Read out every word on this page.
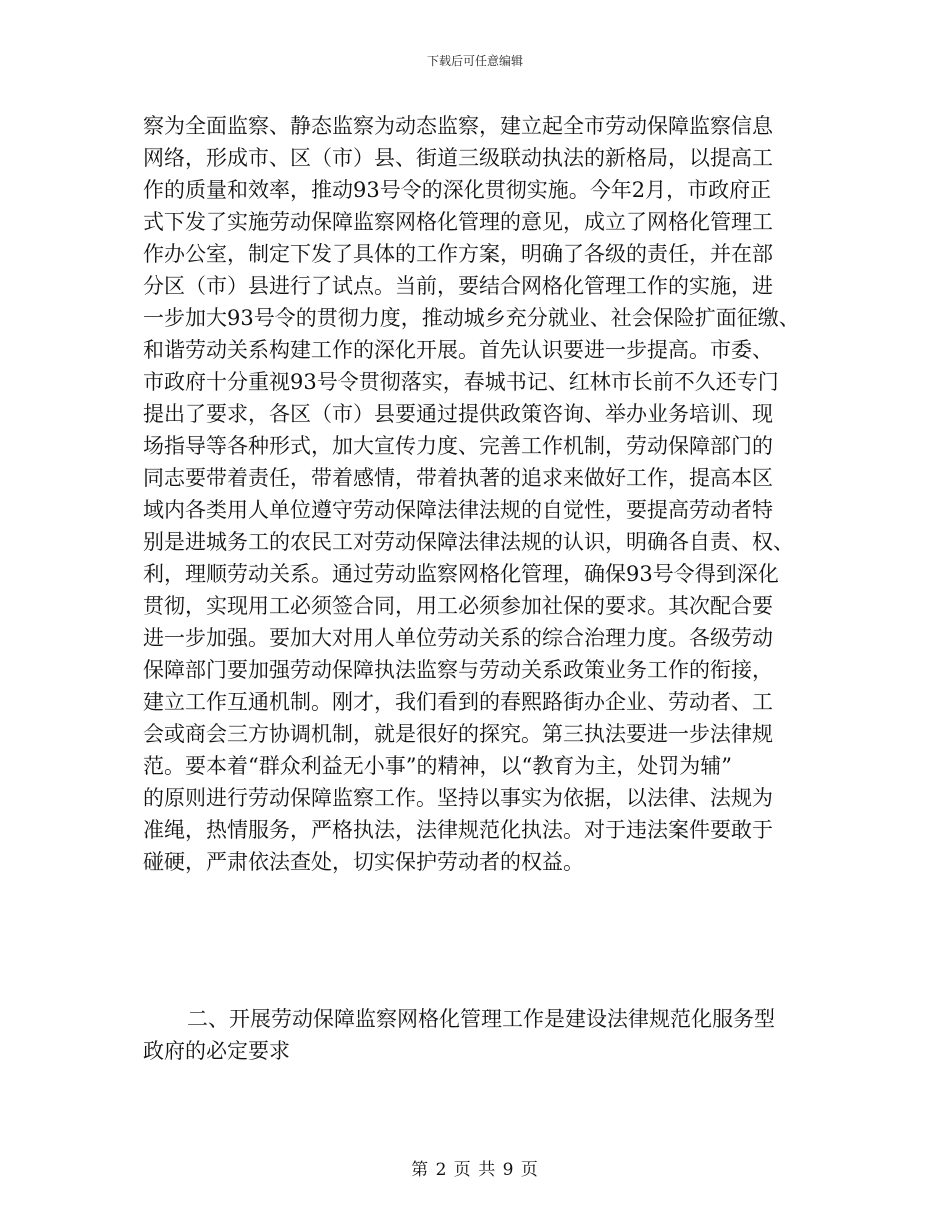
下载后可任意编辑
察为全面监察、静态监察为动态监察，建立起全市劳动保障监察信息
网络，形成市、区（市）县、街道三级联动执法的新格局，以提高工
作的质量和效率，推动93号令的深化贯彻实施。今年2月，市政府正
式下发了实施劳动保障监察网格化管理的意见，成立了网格化管理工
作办公室，制定下发了具体的工作方案，明确了各级的责任，并在部
分区（市）县进行了试点。当前，要结合网格化管理工作的实施，进
一步加大93号令的贯彻力度，推动城乡充分就业、社会保险扩面征缴、
和谐劳动关系构建工作的深化开展。首先认识要进一步提高。市委、
市政府十分重视93号令贯彻落实，春城书记、红林市长前不久还专门
提出了要求，各区（市）县要通过提供政策咨询、举办业务培训、现
场指导等各种形式，加大宣传力度、完善工作机制，劳动保障部门的
同志要带着责任，带着感情，带着执著的追求来做好工作，提高本区
域内各类用人单位遵守劳动保障法律法规的自觉性，要提高劳动者特
别是进城务工的农民工对劳动保障法律法规的认识，明确各自责、权、
利，理顺劳动关系。通过劳动监察网格化管理，确保93号令得到深化
贯彻，实现用工必须签合同，用工必须参加社保的要求。其次配合要
进一步加强。要加大对用人单位劳动关系的综合治理力度。各级劳动
保障部门要加强劳动保障执法监察与劳动关系政策业务工作的衔接，
建立工作互通机制。刚才，我们看到的春熙路街办企业、劳动者、工
会或商会三方协调机制，就是很好的探究。第三执法要进一步法律规
范。要本着“群众利益无小事”的精神，以“教育为主，处罚为辅”
的原则进行劳动保障监察工作。坚持以事实为依据，以法律、法规为
准绳，热情服务，严格执法，法律规范化执法。对于违法案件要敢于
碰硬，严肃依法查处，切实保护劳动者的权益。
二、开展劳动保障监察网格化管理工作是建设法律规范化服务型
政府的必定要求
第 2 页 共 9 页
